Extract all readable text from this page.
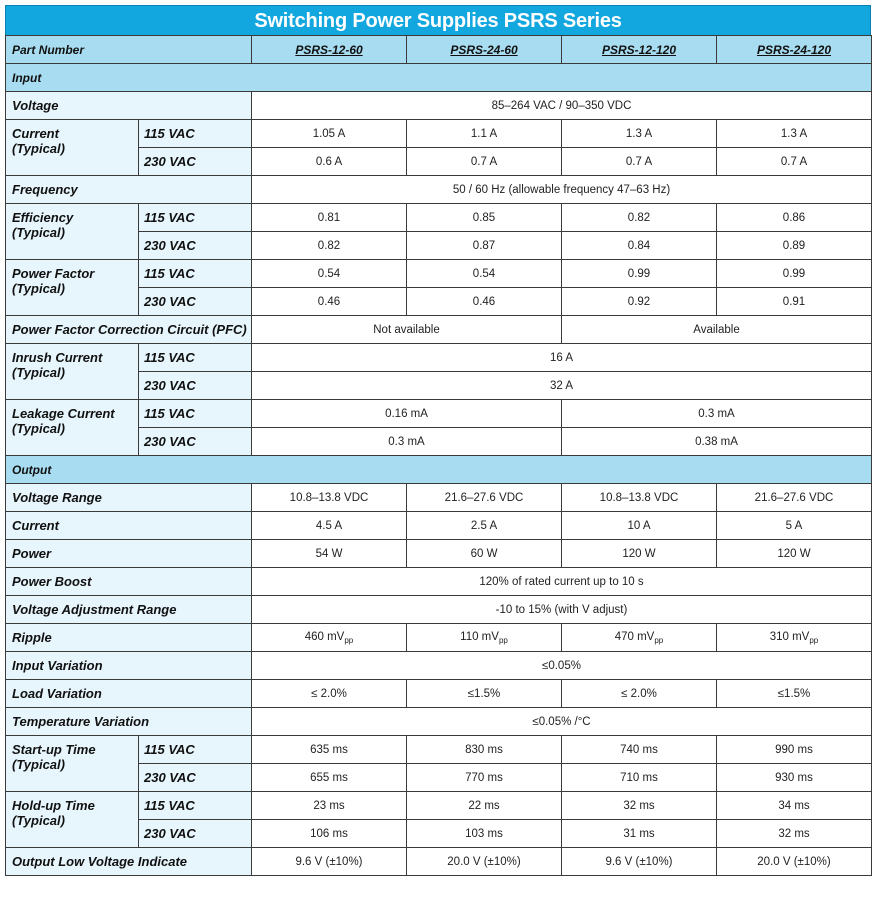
Switching Power Supplies PSRS Series
Part Number		PSRS-12-60	PSRS-24-60	PSRS-12-120	PSRS-24-120
Input					
Voltage		85–264 VAC / 90–350 VDC			

Current
(Typical)	115 VAC	1.05 A	1.1 A	1.3 A	1.3 A
	230 VAC	0.6 A	0.7 A	0.7 A	0.7 A
Frequency		50 / 60 Hz (allowable frequency 47–63 Hz)			

Efficiency
(Typical)	115 VAC	0.81	0.85	0.82	0.86
	230 VAC	0.82	0.87	0.84	0.89

Power Factor
(Typical)	115 VAC	0.54	0.54	0.99	0.99
	230 VAC	0.46	0.46	0.92	0.91
Power Factor Correction Circuit (PFC)		Not available		Available	

Inrush Current
(Typical)	115 VAC	16 A			
	230 VAC	32 A			

Leakage Current
(Typical)	115 VAC	0.16 mA		0.3 mA	
	230 VAC	0.3 mA		0.38 mA	
Output					
Voltage Range		10.8–13.8 VDC	21.6–27.6 VDC	10.8–13.8 VDC	21.6–27.6 VDC
Current		4.5 A	2.5 A	10 A	5 A
Power		54 W	60 W	120 W	120 W
Power Boost		120% of rated current up to 10 s			
Voltage Adjustment Range		-10 to 15% (with V adjust)			
Ripple		460 $mV_{pp}$	110 $mV_{pp}$	470 $mV_{pp}$	310 $mV_{pp}$
Input Variation		≤0.05%			
Load Variation		≤ 2.0%	≤1.5%	≤ 2.0%	≤1.5%
Temperature Variation		≤0.05% /°C			

Start-up Time
(Typical)	115 VAC	635 ms	830 ms	740 ms	990 ms
	230 VAC	655 ms	770 ms	710 ms	930 ms

Hold-up Time
(Typical)	115 VAC	23 ms	22 ms	32 ms	34 ms
	230 VAC	106 ms	103 ms	31 ms	32 ms
Output Low Voltage Indicate		9.6 V (±10%)	20.0 V (±10%)	9.6 V (±10%)	20.0 V (±10%)
